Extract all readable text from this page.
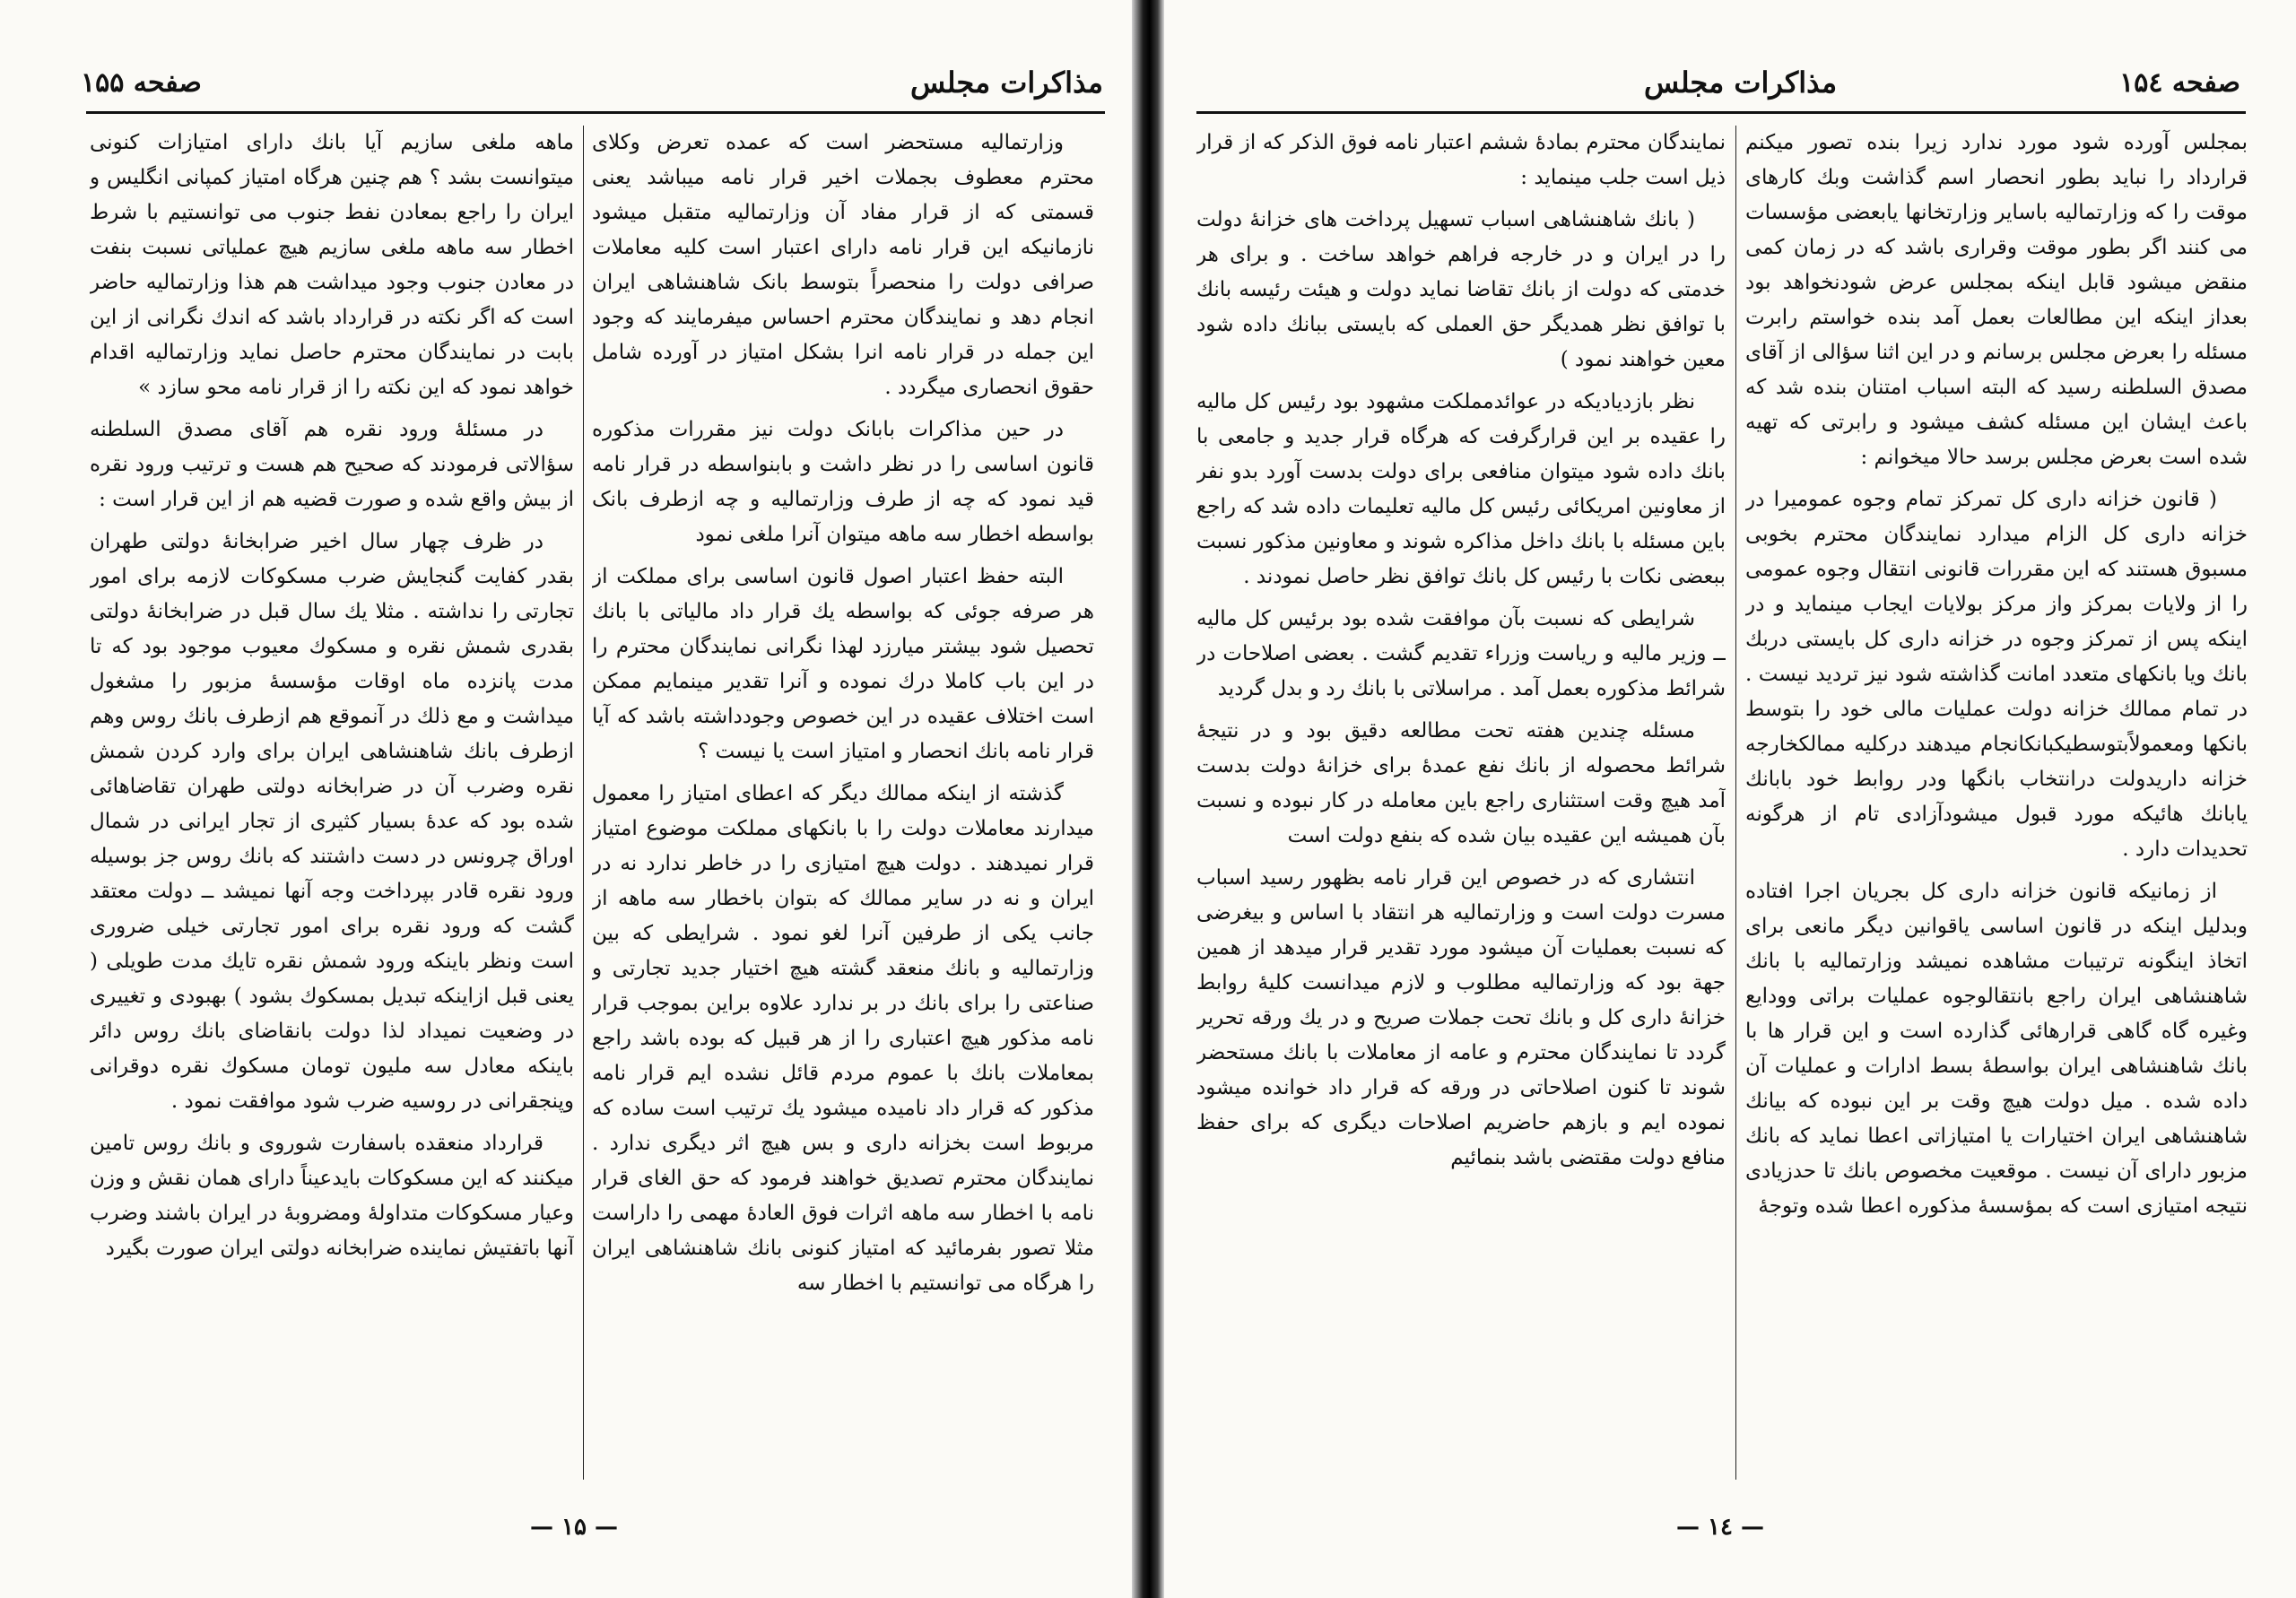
مذاکرات مجلس
صفحه ۱۵۵

وزارتمالیه مستحضر است که عمده تعرض وکلای محترم معطوف بجملات اخیر قرار نامه میباشد یعنی قسمتی که از قرار مفاد آن وزارتمالیه متقبل میشود نازمانیکه این قرار نامه دارای اعتبار است کلیه معاملات صرافی دولت را منحصراً بتوسط بانک شاهنشاهی ایران انجام دهد و نمایندگان محترم احساس میفرمایند که وجود این جمله در قرار نامه انرا بشکل امتیاز در آورده شامل حقوق انحصاری میگردد .

در حین مذاکرات بابانک دولت نیز مقررات مذکوره قانون اساسی را در نظر داشت و بابنواسطه در قرار نامه قید نمود که چه از طرف وزارتمالیه و چه ازطرف بانک بواسطه اخطار سه ماهه میتوان آنرا ملغی نمود

البته حفظ اعتبار اصول قانون اساسی برای مملکت از هر صرفه جوئی که بواسطه یك قرار داد مالیاتی با بانك تحصیل شود بیشتر میارزد لهذا نگرانی نمایندگان محترم را در این باب کاملا درك نموده و آنرا تقدیر مینمایم ممکن است اختلاف عقیده در این خصوص وجودداشته باشد که آیا قرار نامه بانك انحصار و امتیاز است یا نیست ؟

گذشته از اینکه ممالك دیگر که اعطای امتیاز را معمول میدارند معاملات دولت را با بانکهای مملکت موضوع امتیاز قرار نمیدهند . دولت هیچ امتیازی را در خاطر ندارد نه در ایران و نه در سایر ممالك که بتوان باخطار سه ماهه از جانب یکی از طرفین آنرا لغو نمود . شرایطی که بین وزارتمالیه و بانك منعقد گشته هیچ اختیار جدید تجارتی و صناعتی را برای بانك در بر ندارد علاوه براین بموجب قرار نامه مذکور هیچ اعتباری را از هر قبیل که بوده باشد راجع بمعاملات بانك با عموم مردم قائل نشده ایم قرار نامه مذکور که قرار داد نامیده میشود یك ترتیب است ساده که مربوط است بخزانه داری و بس هیچ اثر دیگری ندارد . نمایندگان محترم تصدیق خواهند فرمود که حق الغای قرار نامه با اخطار سه ماهه اثرات فوق العادهٔ مهمی را داراست مثلا تصور بفرمائید که امتیاز کنونی بانك شاهنشاهی ایران را هرگاه می توانستیم با اخطار سه

ماهه ملغی سازیم آیا بانك دارای امتیازات کنونی میتوانست بشد ؟ هم چنین هرگاه امتیاز کمپانی انگلیس و ایران را راجع بمعادن نفط جنوب می توانستیم با شرط اخطار سه ماهه ملغی سازیم هیچ عملیاتی نسبت بنفت در معادن جنوب وجود میداشت هم هذا وزارتمالیه حاضر است که اگر نکته در قرارداد باشد که اندك نگرانی از این بابت در نمایندگان محترم حاصل نماید وزارتمالیه اقدام خواهد نمود که این نکته را از قرار نامه محو سازد »

در مسئلهٔ ورود نقره هم آقای مصدق السلطنه سؤالاتی فرمودند که صحیح هم هست و ترتیب ورود نقره از بیش واقع شده و صورت قضیه هم از این قرار است :

در ظرف چهار سال اخیر ضرابخانهٔ دولتی طهران بقدر کفایت گنجایش ضرب مسکوکات لازمه برای امور تجارتی را نداشته . مثلا یك سال قبل در ضرابخانهٔ دولتی بقدری شمش نقره و مسکوك معیوب موجود بود که تا مدت پانزده ماه اوقات مؤسسهٔ مزبور را مشغول میداشت و مع ذلك در آنموقع هم ازطرف بانك روس وهم ازطرف بانك شاهنشاهی ایران برای وارد کردن شمش نقره وضرب آن در ضرابخانه دولتی طهران تقاضاهائی شده بود که عدهٔ بسیار کثیری از تجار ایرانی در شمال اوراق چرونس در دست داشتند که بانك روس جز بوسیله ورود نقره قادر بپرداخت وجه آنها نمیشد ــ دولت معتقد گشت که ورود نقره برای امور تجارتی خیلی ضروری است ونظر باینکه ورود شمش نقره تایك مدت طویلی ( یعنی قبل ازاینکه تبدیل بمسکوك بشود ) بهبودی و تغییری در وضعیت نمیداد لذا دولت بانقاضای بانك روس دائر باینکه معادل سه ملیون تومان مسکوك نقره دوقرانی وپنجقرانی در روسیه ضرب شود موافقت نمود .

قرارداد منعقده باسفارت شوروی و بانك روس تامین میکنند که این مسکوکات بایدعیناً دارای همان نقش و وزن وعیار مسکوکات متداولهٔ ومضروبهٔ در ایران باشند وضرب آنها باتفتیش نماینده ضرابخانه دولتی ایران صورت بگیرد

— ۱۵ —
صفحه ۱۵٤
مذاکرات مجلس

بمجلس آورده شود مورد ندارد زیرا بنده تصور میکنم قرارداد را نباید بطور انحصار اسم گذاشت وبك کارهای موقت را که وزارتمالیه باسایر وزارتخانها یابعضی مؤسسات می کنند اگر بطور موقت وقراری باشد که در زمان کمی منقض میشود قابل اینکه بمجلس عرض شودنخواهد بود بعداز اینکه این مطالعات بعمل آمد بنده خواستم رابرت مسئله را بعرض مجلس برسانم و در این اثنا سؤالی از آقای مصدق السلطنه رسید که البته اسباب امتنان بنده شد که باعث ایشان این مسئله کشف میشود و رابرتی که تهیه شده است بعرض مجلس برسد حالا میخوانم :

( قانون خزانه داری کل تمرکز تمام وجوه عمومیرا در خزانه داری کل الزام میدارد نمایندگان محترم بخوبی مسبوق هستند که این مقررات قانونی انتقال وجوه عمومی را از ولایات بمرکز واز مرکز بولایات ایجاب مینماید و در اینکه پس از تمرکز وجوه در خزانه داری کل بایستی دربك بانك ویا بانکهای متعدد امانت گذاشته شود نیز تردید نیست . در تمام ممالك خزانه دولت عملیات مالی خود را بتوسط بانکها ومعمولاًبتوسطیكبانكانجام میدهند درکلیه ممالكخارجه خزانه داریدولت درانتخاب بانگها ودر روابط خود بابانك یابانك هائیکه مورد قبول میشودآزادی تام از هرگونه تحدیدات دارد .

از زمانیکه قانون خزانه داری کل بجریان اجرا افتاده وبدلیل اینکه در قانون اساسی یاقوانین دیگر مانعی برای اتخاذ اینگونه ترتیبات مشاهده نمیشد وزارتمالیه با بانك شاهنشاهی ایران راجع بانتقالوجوه عملیات براتی وودایع وغیره گاه گاهی قرارهائی گذارده است و این قرار ها با بانك شاهنشاهی ایران بواسطهٔ بسط ادارات و عملیات آن داده شده . میل دولت هیچ وقت بر این نبوده که بیانك شاهنشاهی ایران اختیارات یا امتیازاتی اعطا نماید که بانك مزبور دارای آن نیست . موقعیت مخصوص بانك تا حدزیادی نتیجه امتیازی است که بمؤسسهٔ مذکوره اعطا شده وتوجهٔ

نمایندگان محترم بمادهٔ ششم اعتبار نامه فوق الذکر که از قرار ذیل است جلب مینماید :

( بانك شاهنشاهی اسباب تسهیل پرداخت های خزانهٔ دولت را در ایران و در خارجه فراهم خواهد ساخت . و برای هر خدمتی که دولت از بانك تقاضا نماید دولت و هیئت رئیسه بانك با توافق نظر همدیگر حق العملی که بایستی ببانك داده شود معین خواهند نمود )

نظر بازدیادیکه در عوائدمملکت مشهود بود رئیس کل مالیه را عقیده بر این قرارگرفت که هرگاه قرار جدید و جامعی با بانك داده شود میتوان منافعی برای دولت بدست آورد بدو نفر از معاونین امریکائی رئیس کل مالیه تعلیمات داده شد که راجع باین مسئله با بانك داخل مذاکره شوند و معاونین مذکور نسبت ببعضی نکات با رئیس کل بانك توافق نظر حاصل نمودند .

شرایطی که نسبت بآن موافقت شده بود برئیس کل مالیه ــ وزیر مالیه و ریاست وزراء تقدیم گشت . بعضی اصلاحات در شرائط مذکوره بعمل آمد . مراسلاتی با بانك رد و بدل گردید

مسئله چندین هفته تحت مطالعه دقیق بود و در نتیجهٔ شرائط محصوله از بانك نفع عمدهٔ برای خزانهٔ دولت بدست آمد هیچ وقت استثناری راجع باین معامله در کار نبوده و نسبت بآن همیشه این عقیده بیان شده که بنفع دولت است

انتشاری که در خصوص این قرار نامه بظهور رسید اسباب مسرت دولت است و وزارتمالیه هر انتقاد با اساس و بیغرضی که نسبت بعملیات آن میشود مورد تقدیر قرار میدهد از همین جهة بود که وزارتمالیه مطلوب و لازم میدانست کلیهٔ روابط خزانهٔ داری کل و بانك تحت جملات صریح و در یك ورقه تحریر گردد تا نمایندگان محترم و عامه از معاملات با بانك مستحضر شوند تا کنون اصلاحاتی در ورقه که قرار داد خوانده میشود نموده ایم و بازهم حاضریم اصلاحات دیگری که برای حفظ منافع دولت مقتضی باشد بنمائیم

— ۱٤ —
